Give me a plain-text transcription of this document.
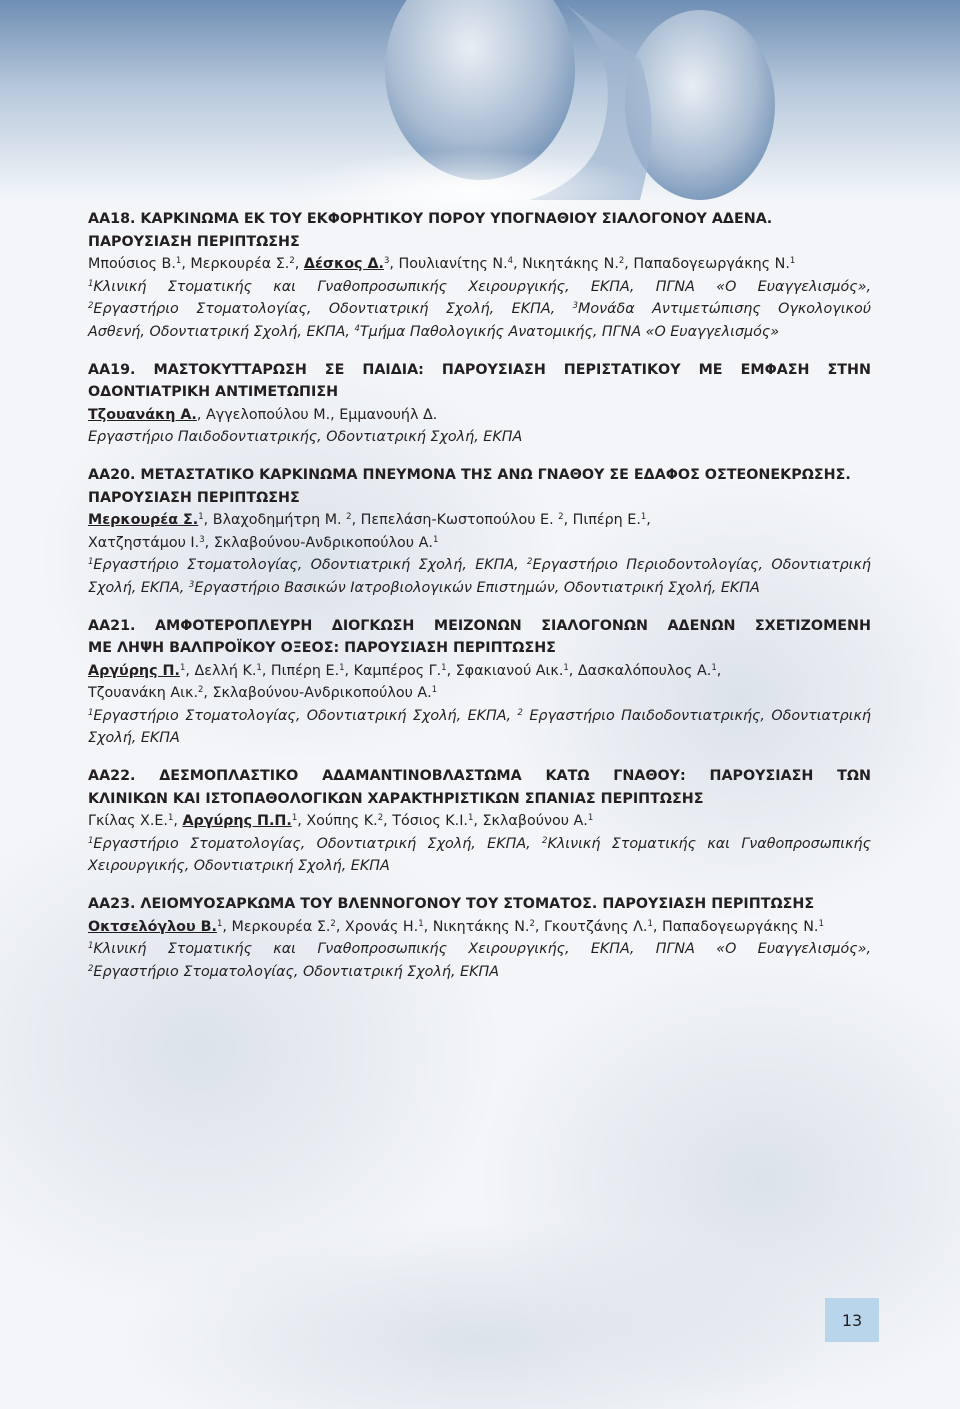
ΑΑ18. ΚΑΡΚΙΝΩΜΑ ΕΚ ΤΟΥ ΕΚΦΟΡΗΤΙΚΟΥ ΠΟΡΟΥ ΥΠΟΓΝΑΘΙΟΥ ΣΙΑΛΟΓΟΝΟΥ ΑΔΕΝΑ.
ΠΑΡΟΥΣΙΑΣΗ ΠΕΡΙΠΤΩΣΗΣ
Μπούσιος Β.$^1$, Μερκουρέα Σ.$^2$, Δέσκος Δ.$^3$, Πουλιανίτης Ν.$^4$, Νικητάκης Ν.$^2$, Παπαδογεωργάκης Ν.$^1$
$^1$Κλινική Στοματικής και Γναθοπροσωπικής Χειρουργικής, ΕΚΠΑ, ΠΓΝΑ «Ο Ευαγγελισμός»,
$^2$Εργαστήριο Στοματολογίας, Οδοντιατρική Σχολή, ΕΚΠΑ, $^3$Μονάδα Αντιμετώπισης Ογκολογικού
Ασθενή, Οδοντιατρική Σχολή, ΕΚΠΑ, $^4$Τμήμα Παθολογικής Ανατομικής, ΠΓΝΑ «Ο Ευαγγελισμός»
ΑΑ19. ΜΑΣΤΟΚΥΤΤΑΡΩΣΗ ΣΕ ΠΑΙΔΙΑ: ΠΑΡΟΥΣΙΑΣΗ ΠΕΡΙΣΤΑΤΙΚΟΥ ΜΕ ΕΜΦΑΣΗ ΣΤΗΝ
ΟΔΟΝΤΙΑΤΡΙΚΗ ΑΝΤΙΜΕΤΩΠΙΣΗ
Τζουανάκη Α., Αγγελοπούλου Μ., Εμμανουήλ Δ.
Εργαστήριο Παιδοδοντιατρικής, Οδοντιατρική Σχολή, ΕΚΠΑ
ΑΑ20. ΜΕΤΑΣΤΑΤΙΚΟ ΚΑΡΚΙΝΩΜΑ ΠΝΕΥΜΟΝΑ ΤΗΣ ΑΝΩ ΓΝΑΘΟΥ ΣΕ ΕΔΑΦΟΣ ΟΣΤΕΟΝΕΚΡΩΣΗΣ.
ΠΑΡΟΥΣΙΑΣΗ ΠΕΡΙΠΤΩΣΗΣ
Μερκουρέα Σ.$^1$, Βλαχοδημήτρη Μ. $^2$, Πεπελάση-Κωστοπούλου Ε. $^2$, Πιπέρη Ε.$^1$,
Χατζηστάμου Ι.$^3$, Σκλαβούνου-Ανδρικοπούλου Α.$^1$
$^1$Εργαστήριο Στοματολογίας, Οδοντιατρική Σχολή, ΕΚΠΑ, $^2$Εργαστήριο Περιοδοντολογίας, Οδοντιατρική
Σχολή, ΕΚΠΑ, $^3$Εργαστήριο Βασικών Ιατροβιολογικών Επιστημών, Οδοντιατρική Σχολή, ΕΚΠΑ
ΑΑ21. ΑΜΦΟΤΕΡΟΠΛΕΥΡΗ ΔΙΟΓΚΩΣΗ ΜΕΙΖΟΝΩΝ ΣΙΑΛΟΓΟΝΩΝ ΑΔΕΝΩΝ ΣΧΕΤΙΖΟΜΕΝΗ
ΜΕ ΛΗΨΗ ΒΑΛΠΡΟΪΚΟΥ ΟΞΕΟΣ: ΠΑΡΟΥΣΙΑΣΗ ΠΕΡΙΠΤΩΣΗΣ
Αργύρης Π.$^1$, Δελλή Κ.$^1$, Πιπέρη Ε.$^1$, Καμπέρος Γ.$^1$, Σφακιανού Αικ.$^1$, Δασκαλόπουλος Α.$^1$,
Τζουανάκη Αικ.$^2$, Σκλαβούνου-Ανδρικοπούλου Α.$^1$
$^1$Εργαστήριο Στοματολογίας, Οδοντιατρική Σχολή, ΕΚΠΑ, $^2$ Εργαστήριο Παιδοδοντιατρικής, Οδοντιατρική
Σχολή, ΕΚΠΑ
ΑΑ22. ΔΕΣΜΟΠΛΑΣΤΙΚΟ ΑΔΑΜΑΝΤΙΝΟΒΛΑΣΤΩΜΑ ΚΑΤΩ ΓΝΑΘΟΥ: ΠΑΡΟΥΣΙΑΣΗ ΤΩΝ
ΚΛΙΝΙΚΩΝ ΚΑΙ ΙΣΤΟΠΑΘΟΛΟΓΙΚΩΝ ΧΑΡΑΚΤΗΡΙΣΤΙΚΩΝ ΣΠΑΝΙΑΣ ΠΕΡΙΠΤΩΣΗΣ
Γκίλας Χ.Ε.$^1$, Αργύρης Π.Π.$^1$, Χούπης Κ.$^2$, Τόσιος Κ.Ι.$^1$, Σκλαβούνου Α.$^1$
$^1$Εργαστήριο Στοματολογίας, Οδοντιατρική Σχολή, ΕΚΠΑ, $^2$Κλινική Στοματικής και Γναθοπροσωπικής
Χειρουργικής, Οδοντιατρική Σχολή, ΕΚΠΑ
ΑΑ23. ΛΕΙΟΜΥΟΣΑΡΚΩΜΑ ΤΟΥ ΒΛΕΝΝΟΓΟΝΟΥ ΤΟΥ ΣΤΟΜΑΤΟΣ. ΠΑΡΟΥΣΙΑΣΗ ΠΕΡΙΠΤΩΣΗΣ
Οκτσελόγλου Β.$^1$, Μερκουρέα Σ.$^2$, Χρονάς Η.$^1$, Νικητάκης Ν.$^2$, Γκουτζάνης Λ.$^1$, Παπαδογεωργάκης Ν.$^1$
$^1$Κλινική Στοματικής και Γναθοπροσωπικής Χειρουργικής, ΕΚΠΑ, ΠΓΝΑ «Ο Ευαγγελισμός»,
$^2$Εργαστήριο Στοματολογίας, Οδοντιατρική Σχολή, ΕΚΠΑ
13
